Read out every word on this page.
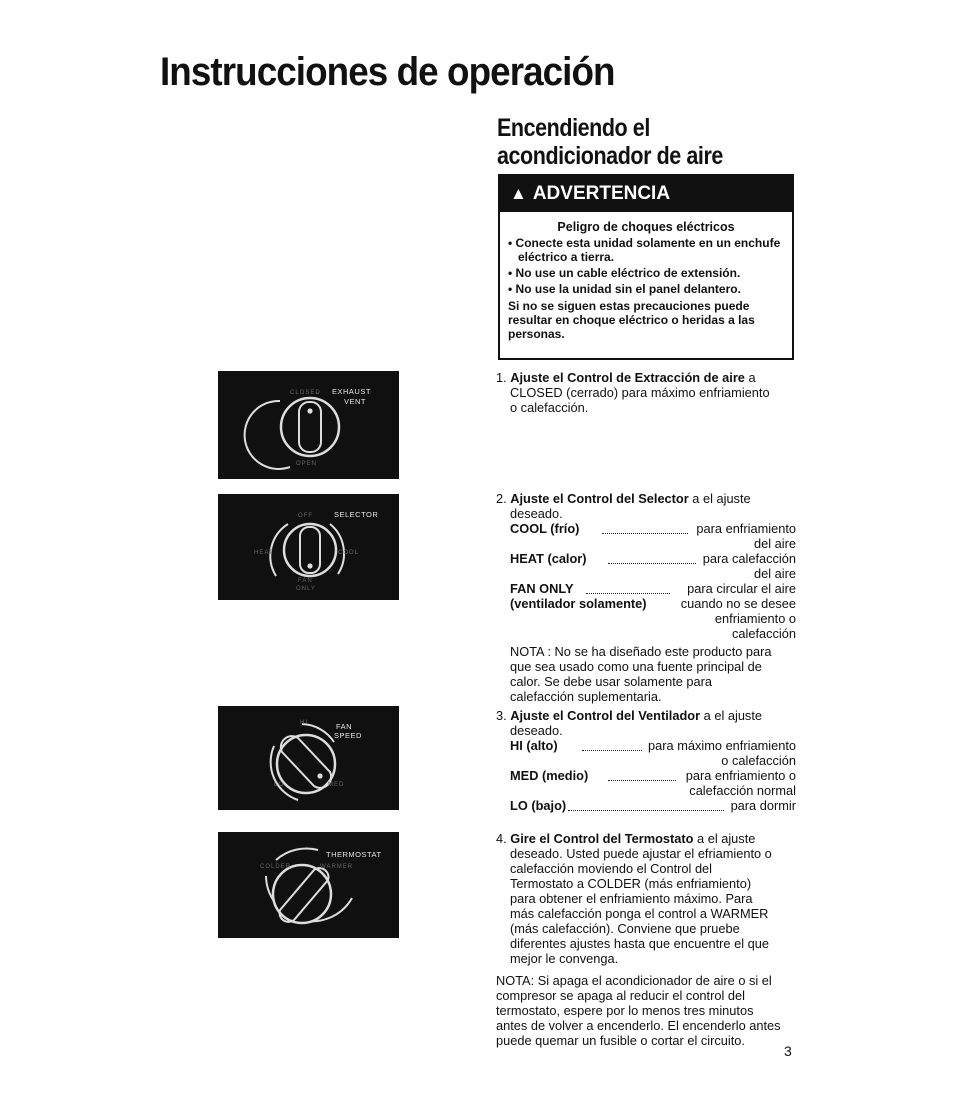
Instrucciones de operación
Encendiendo el acondicionador de aire
▲ ADVERTENCIA
Peligro de choques eléctricos
• Conecte esta unidad solamente en un enchufe eléctrico a tierra.
• No use un cable eléctrico de extensión.
• No use la unidad sin el panel delantero.
Si no se siguen estas precauciones puede resultar en choque eléctrico o heridas a las personas.
EXHAUST
VENT
CLOSED
OPEN
SELECTOR
OFF
HEAT	COOL
FAN
ONLY
FAN
SPEED
HI
LO	MED
THERMOSTAT
COLDER	WARMER
1. Ajuste el Control de Extracción de aire a
CLOSED (cerrado) para máximo enfriamiento
o calefacción.
2. Ajuste el Control del Selector a el ajuste
deseado.
COOL (frío)	para enfriamiento
del aire
HEAT (calor)	para calefacción
del aire
FAN ONLY	para circular el aire
(ventilador solamente)	cuando no se desee
enfriamiento o
calefacción
NOTA : No se ha diseñado este producto para
que sea usado como una fuente principal de
calor. Se debe usar solamente para
calefacción suplementaria.
3. Ajuste el Control del Ventilador a el ajuste
deseado.
HI (alto)	para máximo enfriamiento
o calefacción
MED (medio)	para enfriamiento o
calefacción normal
LO (bajo)	para dormir
4. Gire el Control del Termostato a el ajuste
deseado. Usted puede ajustar el efriamiento o
calefacción moviendo el Control del
Termostato a COLDER (más enfriamiento)
para obtener el enfriamiento máximo. Para
más calefacción ponga el control a WARMER
(más calefacción). Conviene que pruebe
diferentes ajustes hasta que encuentre el que
mejor le convenga.
NOTA: Si apaga el acondicionador de aire o si el
compresor se apaga al reducir el control del
termostato, espere por lo menos tres minutos
antes de volver a encenderlo. El encenderlo antes
puede quemar un fusible o cortar el circuito.
3
